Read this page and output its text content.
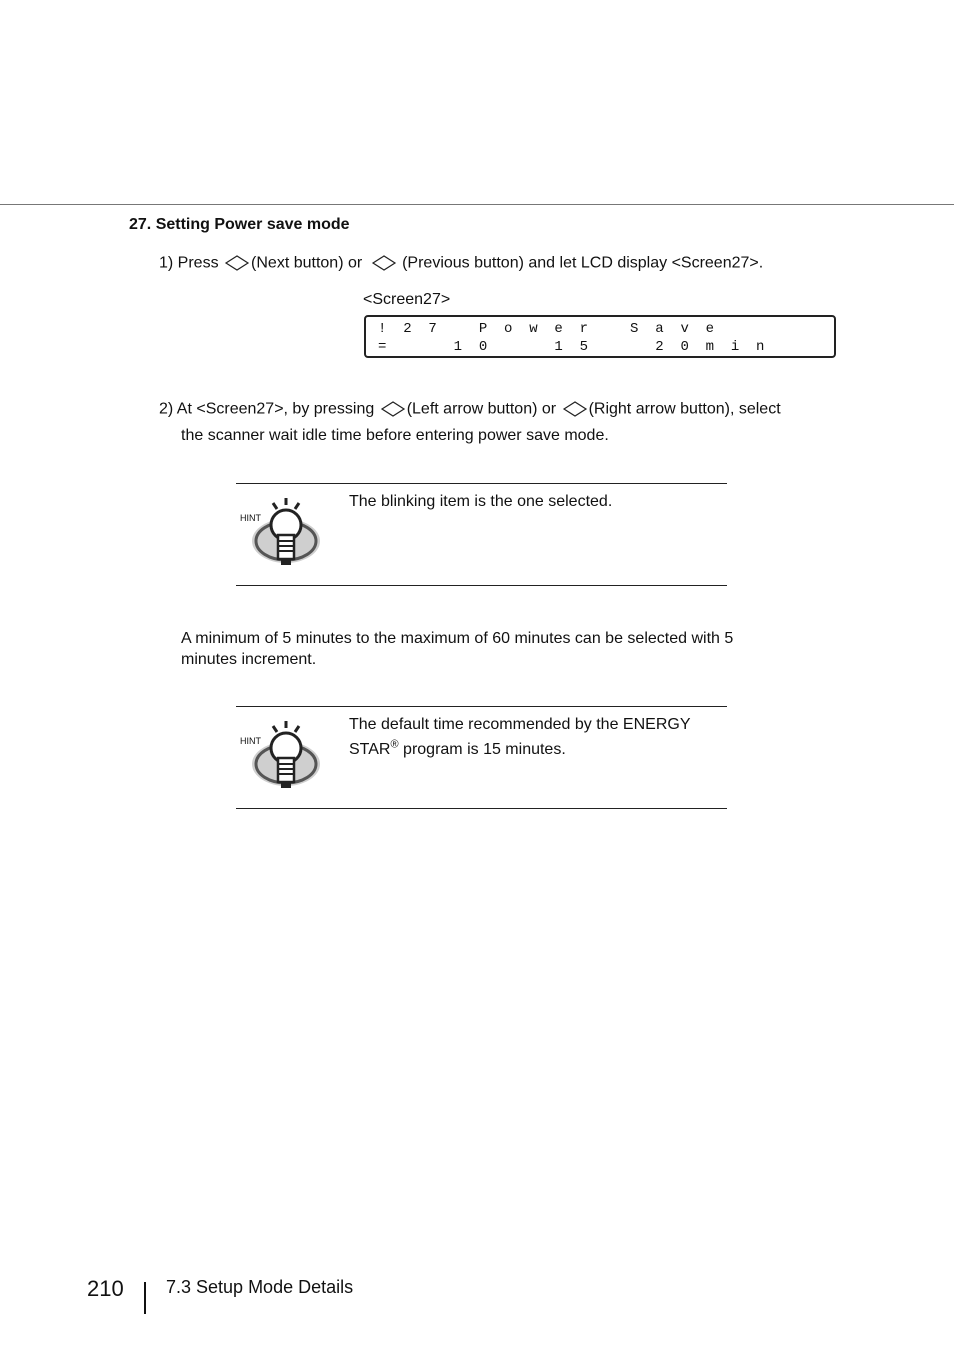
27. Setting Power save mode
1) Press (Next button) or (Previous button) and let LCD display <Screen27>.
<Screen27>
!  2  7     P  o  w  e  r     S  a  v  e
=        1  0        1  5        2  0  m  i  n
2) At <Screen27>, by pressing (Left arrow button) or (Right arrow button), select
the scanner wait idle time before entering power save mode.
HINT
The blinking item is the one selected.
A minimum of 5 minutes to the maximum of 60 minutes can be selected with 5
minutes increment.
HINT
The default time recommended by the ENERGY
STAR® program is 15 minutes.
210 7.3 Setup Mode Details
